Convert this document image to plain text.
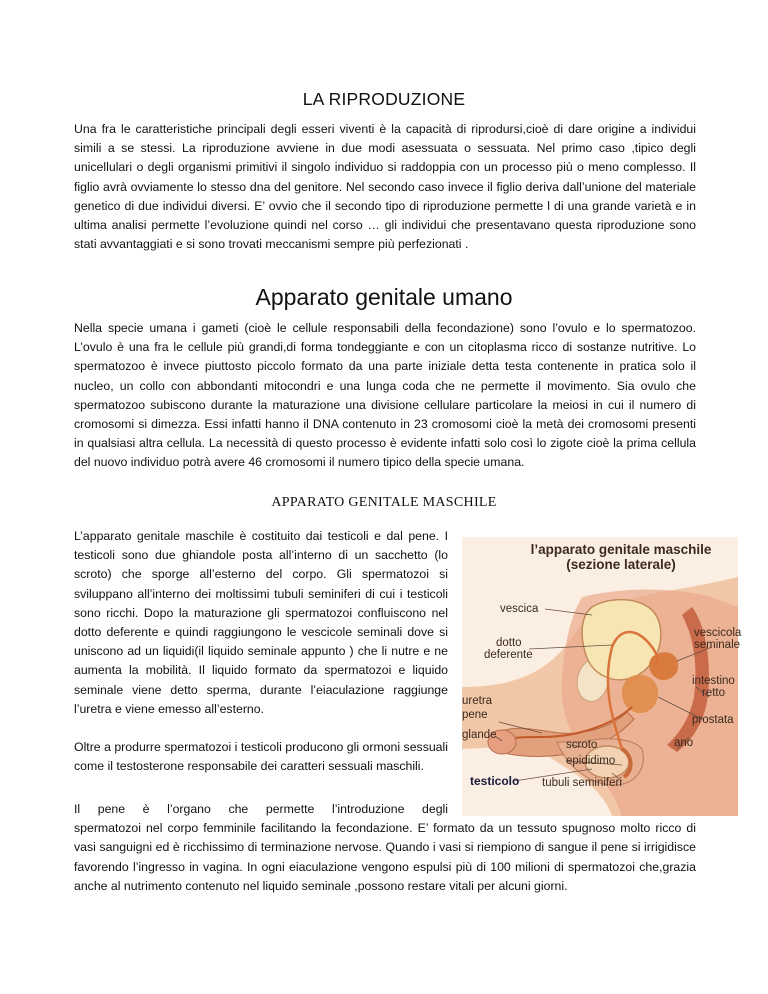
LA RIPRODUZIONE

Una fra le caratteristiche principali degli esseri viventi è la capacità di riprodursi,cioè di dare origine a individui simili a se stessi. La riproduzione avviene in due modi asessuata o sessuata. Nel primo caso ,tipico degli unicellulari o degli organismi primitivi il singolo individuo si raddoppia con un processo più o meno complesso. Il figlio avrà ovviamente lo stesso dna del genitore. Nel secondo caso invece il figlio deriva dall’unione del materiale genetico di due individui diversi. E’ ovvio che il secondo tipo di riproduzione permette l di una grande varietà e in ultima analisi permette l’evoluzione quindi nel corso … gli individui che presentavano questa riproduzione sono stati avvantaggiati e si sono trovati meccanismi sempre più perfezionati .

Apparato genitale umano

Nella specie umana i gameti (cioè le cellule responsabili della fecondazione) sono l’ovulo e lo spermatozoo. L’ovulo è una fra le cellule più grandi,di forma tondeggiante e con un citoplasma ricco di sostanze nutritive. Lo spermatozoo è invece piuttosto piccolo formato da una parte iniziale detta testa contenente in pratica solo il nucleo, un collo con abbondanti mitocondri e una lunga coda che ne permette il movimento. Sia ovulo che spermatozoo subiscono durante la maturazione una divisione cellulare particolare la meiosi in cui il numero di cromosomi si dimezza. Essi infatti hanno il DNA contenuto in 23 cromosomi cioè la metà dei cromosomi presenti in qualsiasi altra cellula. La necessità di questo processo è evidente infatti solo così lo zigote cioè la prima cellula del nuovo individuo potrà avere 46 cromosomi il numero tipico della specie umana.

APPARATO GENITALE MASCHILE

L’apparato genitale maschile è costituito dai testicoli e dal pene. I testicoli sono due ghiandole posta all’interno di un sacchetto (lo scroto) che sporge all’esterno del corpo. Gli spermatozoi si sviluppano all’interno dei moltissimi tubuli seminiferi di cui i testicoli sono ricchi. Dopo la maturazione gli spermatozoi confluiscono nel dotto deferente e quindi raggiungono le vescicole seminali dove si uniscono ad un liquidi(il liquido seminale appunto ) che li nutre e ne aumenta la mobilità. Il liquido formato da spermatozoi e liquido seminale viene detto sperma, durante l’eiaculazione raggiunge l’uretra e viene emesso all’esterno.

Oltre a produrre spermatozoi i testicoli producono gli ormoni sessuali come il testosterone responsabile dei caratteri sessuali maschili.

Il pene è l’organo che permette l’introduzione degli
spermatozoi nel corpo femminile facilitando la fecondazione. E’ formato da un tessuto spugnoso molto ricco di vasi sanguigni ed è ricchissimo di terminazione nervose. Quando i vasi si riempiono di sangue il pene si irrigidisce favorendo l’ingresso in vagina. In ogni eiaculazione vengono espulsi più di 100 milioni di spermatozoi che,grazia anche al nutrimento contenuto nel liquido seminale ,possono restare vitali per alcuni giorni.
l’apparato genitale maschile
(sezione laterale)
vescica
vescicola
seminale
dotto
deferente
intestino
retto
uretra
pene	prostata
glande
ano
scroto
epididimo
testicolo tubuli seminiferi
